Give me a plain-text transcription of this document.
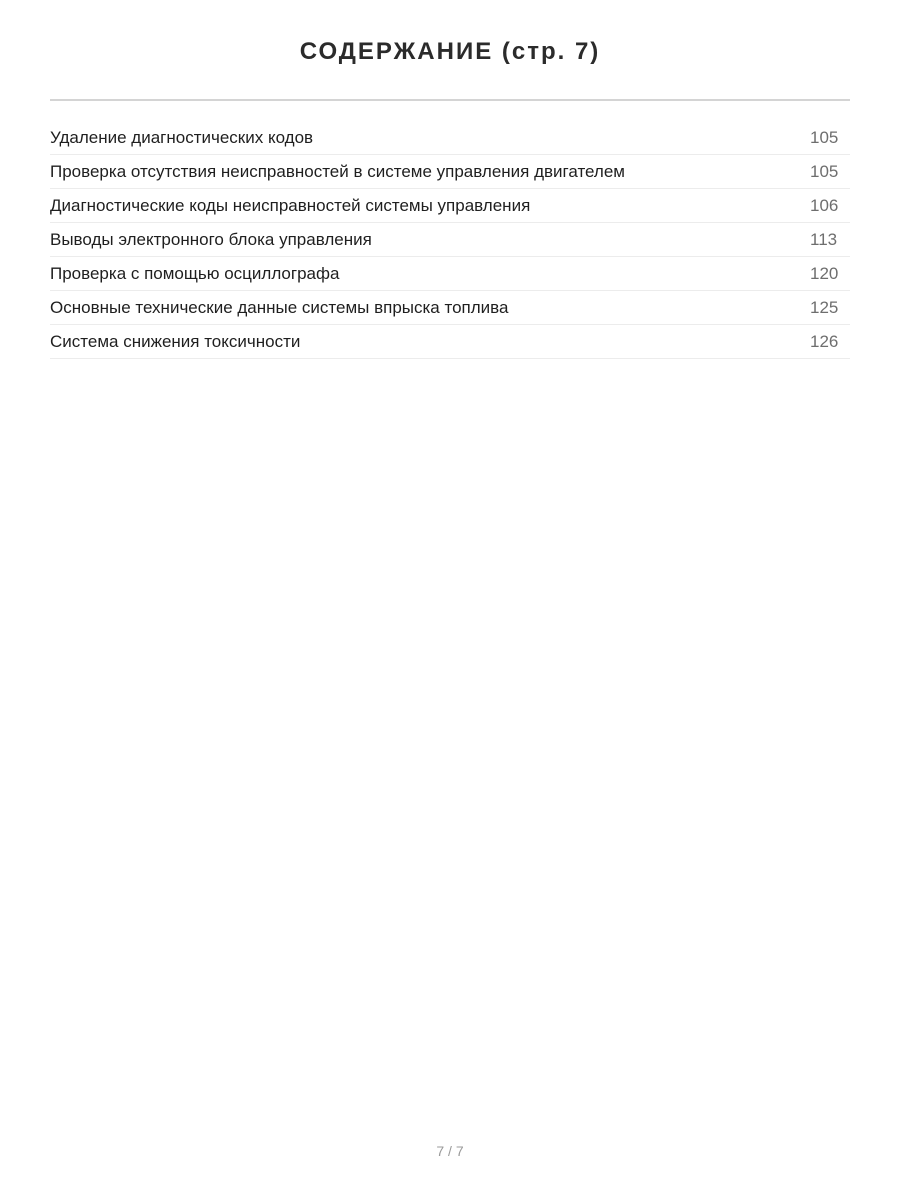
СОДЕРЖАНИЕ (стр. 7)
Удаление диагностических кодов	105
Проверка отсутствия неисправностей в системе управления двигателем	105
Диагностические коды неисправностей системы управления	106
Выводы электронного блока управления	113
Проверка с помощью осциллографа	120
Основные технические данные системы впрыска топлива	125
Система снижения токсичности	126
7 / 7
